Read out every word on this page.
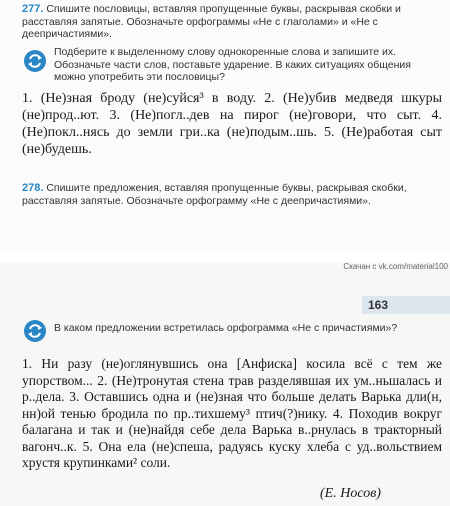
277. Спишите пословицы, вставляя пропущенные буквы, раскрывая скобки и расставляя запятые. Обозначьте орфограммы «Не с глаголами» и «Не с деепричастиями».
Подберите к выделенному слову однокоренные слова и запишите их. Обозначьте части слов, поставьте ударение. В каких ситуациях общения можно употребить эти пословицы?
1. (Не)зная броду (не)суйся³ в воду. 2. (Не)убив медведя шкуры (не)прод..ют. 3. (Не)погл..дев на пирог (не)говори, что сыт. 4. (Не)покл..нясь до земли гри..ка (не)подым..шь. 5. (Не)работая сыт (не)будешь.
278. Спишите предложения, вставляя пропущенные буквы, раскрывая скобки, расставляя запятые. Обозначьте орфограмму «Не с деепричастиями».
Скачан с vk.com/material100
163
В каком предложении встретилась орфограмма «Не с причастиями»?
1. Ни разу (не)оглянувшись она [Анфиска] косила всё с тем же упорством... 2. (Не)тронутая стена трав разделявшая их ум..ньшалась и р..дела. 3. Оставшись одна и (не)зная что больше делать Варька дли(н, нн)ой тенью бродила по пр..тихшему³ птич(?)нику. 4. Походив вокруг балагана и так и (не)найдя себе дела Варька в..рнулась в тракторный вагонч..к. 5. Она ела (не)спеша, радуясь куску хлеба с уд..вольствием хрустя крупинками² соли.
(Е. Носов)
